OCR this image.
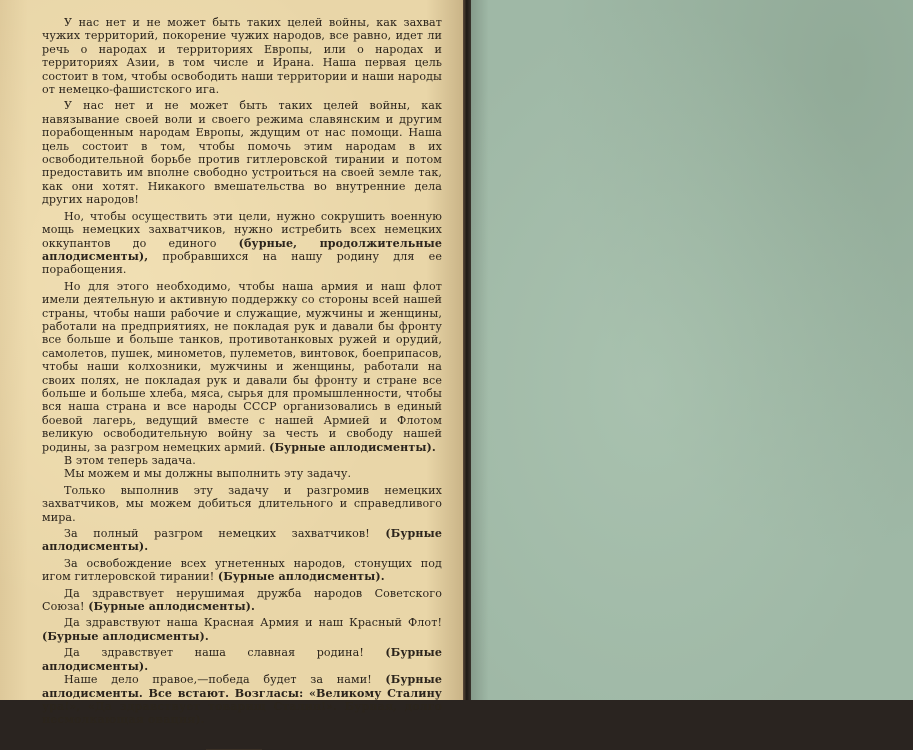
У нас нет и не может быть таких целей войны, как захват чужих территорий, покорение чужих народов, все равно, идет ли речь о народах и территориях Европы, или о народах и территориях Азии, в том числе и Ирана. Наша первая цель состоит в том, чтобы освободить наши территории и наши народы от немецко-фашистского ига.

У нас нет и не может быть таких целей войны, как навязывание своей воли и своего режима славянским и другим порабощенным народам Европы, ждущим от нас помощи. Наша цель состоит в том, чтобы помочь этим народам в их освободительной борьбе против гитлеровской тирании и потом предоставить им вполне свободно устроиться на своей земле так, как они хотят. Никакого вмешательства во внутренние дела других народов!

Но, чтобы осуществить эти цели, нужно сокрушить военную мощь немецких захватчиков, нужно истребить всех немецких оккупантов до единого (бурные, продолжительные аплодисменты), пробравшихся на нашу родину для ее порабощения.

Но для этого необходимо, чтобы наша армия и наш флот имели деятельную и активную поддержку со стороны всей нашей страны, чтобы наши рабочие и служащие, мужчины и женщины, работали на предприятиях, не покладая рук и давали бы фронту все больше и больше танков, противотанковых ружей и орудий, самолетов, пушек, минометов, пулеметов, винтовок, боеприпасов, чтобы наши колхозники, мужчины и женщины, работали на своих полях, не покладая рук и давали бы фронту и стране все больше и больше хлеба, мяса, сырья для промышленности, чтобы вся наша страна и все народы СССР организовались в единый боевой лагерь, ведущий вместе с нашей Армией и Флотом великую освободительную войну за честь и свободу нашей родины, за разгром немецких армий. (Бурные аплодисменты).

В этом теперь задача.

Мы можем и мы должны выполнить эту задачу.

Только выполнив эту задачу и разгромив немецких захватчиков, мы можем добиться длительного и справедливого мира.

За полный разгром немецких захватчиков! (Бурные аплодисменты).

За освобождение всех угнетенных народов, стонущих под игом гитлеровской тирании! (Бурные аплодисменты).

Да здравствует нерушимая дружба народов Советского Союза! (Бурные аплодисменты).

Да здравствуют наша Красная Армия и наш Красный Флот! (Бурные аплодисменты).

Да здравствует наша славная родина! (Бурные аплодисменты).

Наше дело правое,—победа будет за нами! (Бурные аплодисменты. Все встают. Возгласы: «Великому Сталину ура!», «Да здравствует товарищ Сталин!». Бурная, долго несмолкающая овация).
